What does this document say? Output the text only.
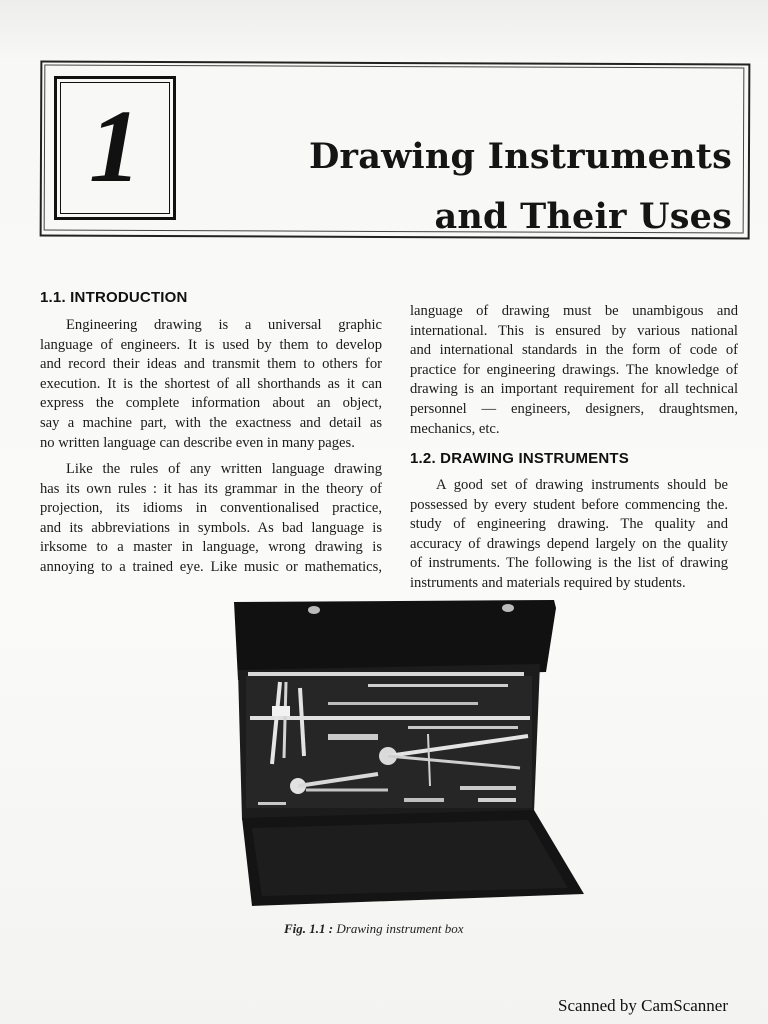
1	Drawing Instruments
and Their Uses
1.1. INTRODUCTION

Engineering drawing is a universal graphic
language of engineers. It is used by them to develop
and record their ideas and transmit them to others for
execution. It is the shortest of all shorthands as it can
express the complete information about an object,
say a machine part, with the exactness and detail as
no written language can describe even in many pages.

Like the rules of any written language drawing
has its own rules : it has its grammar in the theory of
projection, its idioms in conventionalised practice,
and its abbreviations in symbols. As bad language is
irksome to a master in language, wrong drawing is
annoying to a trained eye. Like music or mathematics,

language of drawing must be unambigous and
international. This is ensured by various national
and international standards in the form of code of
practice for engineering drawings. The knowledge of
drawing is an important requirement for all technical
personnel — engineers, designers, draughtsmen,
mechanics, etc.

1.2. DRAWING INSTRUMENTS

A good set of drawing instruments should be
possessed by every student before commencing the.
study of engineering drawing. The quality and
accuracy of drawings depend largely on the quality
of instruments. The following is the list of drawing
instruments and materials required by students.

Fig. 1.1 : Drawing instrument box
Scanned by CamScanner
